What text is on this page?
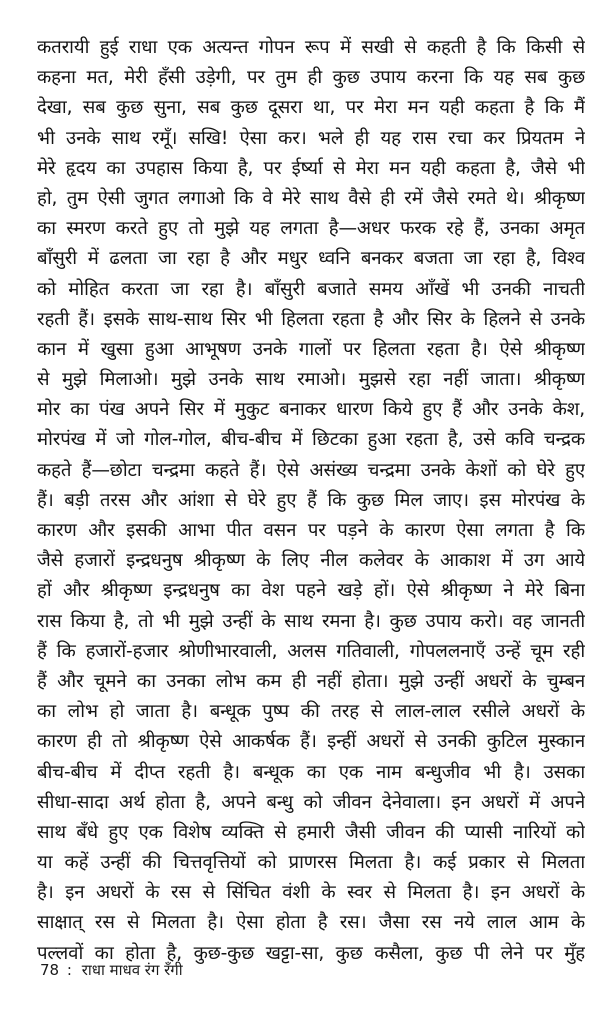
कतरायी हुई राधा एक अत्यन्त गोपन रूप में सखी से कहती है कि किसी से
कहना मत, मेरी हँसी उड़ेगी, पर तुम ही कुछ उपाय करना कि यह सब कुछ
देखा, सब कुछ सुना, सब कुछ दूसरा था, पर मेरा मन यही कहता है कि मैं
भी उनके साथ रमूँ। सखि! ऐसा कर। भले ही यह रास रचा कर प्रियतम ने
मेरे हृदय का उपहास किया है, पर ईर्ष्या से मेरा मन यही कहता है, जैसे भी
हो, तुम ऐसी जुगत लगाओ कि वे मेरे साथ वैसे ही रमें जैसे रमते थे। श्रीकृष्ण
का स्मरण करते हुए तो मुझे यह लगता है—अधर फरक रहे हैं, उनका अमृत
बाँसुरी में ढलता जा रहा है और मधुर ध्वनि बनकर बजता जा रहा है, विश्व
को मोहित करता जा रहा है। बाँसुरी बजाते समय आँखें भी उनकी नाचती
रहती हैं। इसके साथ-साथ सिर भी हिलता रहता है और सिर के हिलने से उनके
कान में खुसा हुआ आभूषण उनके गालों पर हिलता रहता है। ऐसे श्रीकृष्ण
से मुझे मिलाओ। मुझे उनके साथ रमाओ। मुझसे रहा नहीं जाता। श्रीकृष्ण
मोर का पंख अपने सिर में मुकुट बनाकर धारण किये हुए हैं और उनके केश,
मोरपंख में जो गोल-गोल, बीच-बीच में छिटका हुआ रहता है, उसे कवि चन्द्रक
कहते हैं—छोटा चन्द्रमा कहते हैं। ऐसे असंख्य चन्द्रमा उनके केशों को घेरे हुए
हैं। बड़ी तरस और आंशा से घेरे हुए हैं कि कुछ मिल जाए। इस मोरपंख के
कारण और इसकी आभा पीत वसन पर पड़ने के कारण ऐसा लगता है कि
जैसे हजारों इन्द्रधनुष श्रीकृष्ण के लिए नील कलेवर के आकाश में उग आये
हों और श्रीकृष्ण इन्द्रधनुष का वेश पहने खड़े हों। ऐसे श्रीकृष्ण ने मेरे बिना
रास किया है, तो भी मुझे उन्हीं के साथ रमना है। कुछ उपाय करो। वह जानती
हैं कि हजारों-हजार श्रोणीभारवाली, अलस गतिवाली, गोपललनाएँ उन्हें चूम रही
हैं और चूमने का उनका लोभ कम ही नहीं होता। मुझे उन्हीं अधरों के चुम्बन
का लोभ हो जाता है। बन्धूक पुष्प की तरह से लाल-लाल रसीले अधरों के
कारण ही तो श्रीकृष्ण ऐसे आकर्षक हैं। इन्हीं अधरों से उनकी कुटिल मुस्कान
बीच-बीच में दीप्त रहती है। बन्धूक का एक नाम बन्धुजीव भी है। उसका
सीधा-सादा अर्थ होता है, अपने बन्धु को जीवन देनेवाला। इन अधरों में अपने
साथ बँधे हुए एक विशेष व्यक्ति से हमारी जैसी जीवन की प्यासी नारियों को
या कहें उन्हीं की चित्तवृत्तियों को प्राणरस मिलता है। कई प्रकार से मिलता
है। इन अधरों के रस से सिंचित वंशी के स्वर से मिलता है। इन अधरों के
साक्षात् रस से मिलता है। ऐसा होता है रस। जैसा रस नये लाल आम के
पल्लवों का होता है, कुछ-कुछ खट्टा-सा, कुछ कसैला, कुछ पी लेने पर मुँह
78 : राधा माधव रंग रँगी
